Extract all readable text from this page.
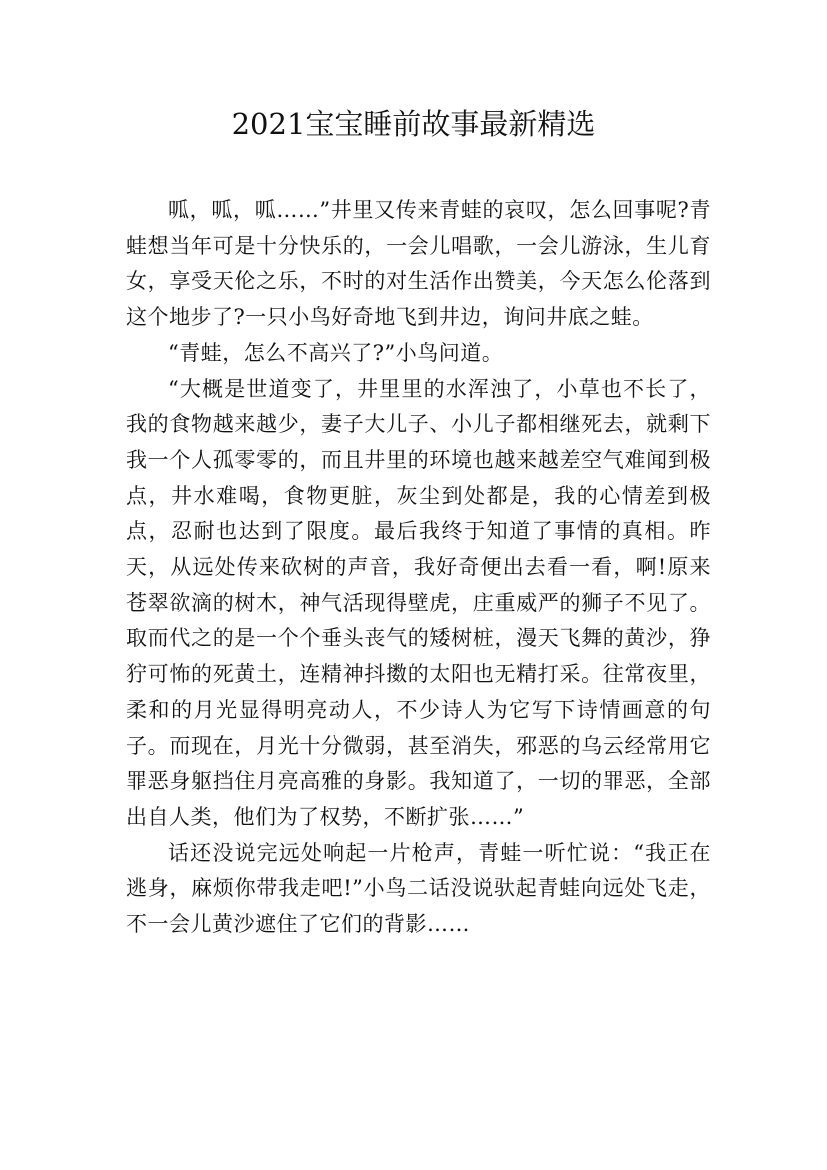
2021宝宝睡前故事最新精选

呱，呱，呱……”井里又传来青蛙的哀叹，怎么回事呢?青蛙想当年可是十分快乐的，一会儿唱歌，一会儿游泳，生儿育女，享受天伦之乐，不时的对生活作出赞美，今天怎么伦落到这个地步了?一只小鸟好奇地飞到井边，询问井底之蛙。

“青蛙，怎么不高兴了?”小鸟问道。

“大概是世道变了，井里里的水浑浊了，小草也不长了，我的食物越来越少，妻子大儿子、小儿子都相继死去，就剩下我一个人孤零零的，而且井里的环境也越来越差空气难闻到极点，井水难喝，食物更脏，灰尘到处都是，我的心情差到极点，忍耐也达到了限度。最后我终于知道了事情的真相。昨天，从远处传来砍树的声音，我好奇便出去看一看，啊!原来苍翠欲滴的树木，神气活现得壁虎，庄重威严的狮子不见了。取而代之的是一个个垂头丧气的矮树桩，漫天飞舞的黄沙，狰狞可怖的死黄土，连精神抖擞的太阳也无精打采。往常夜里，柔和的月光显得明亮动人，不少诗人为它写下诗情画意的句子。而现在，月光十分微弱，甚至消失，邪恶的乌云经常用它罪恶身躯挡住月亮高雅的身影。我知道了，一切的罪恶，全部出自人类，他们为了权势，不断扩张……”

话还没说完远处响起一片枪声，青蛙一听忙说：“我正在逃身，麻烦你带我走吧!”小鸟二话没说驮起青蛙向远处飞走，不一会儿黄沙遮住了它们的背影……
